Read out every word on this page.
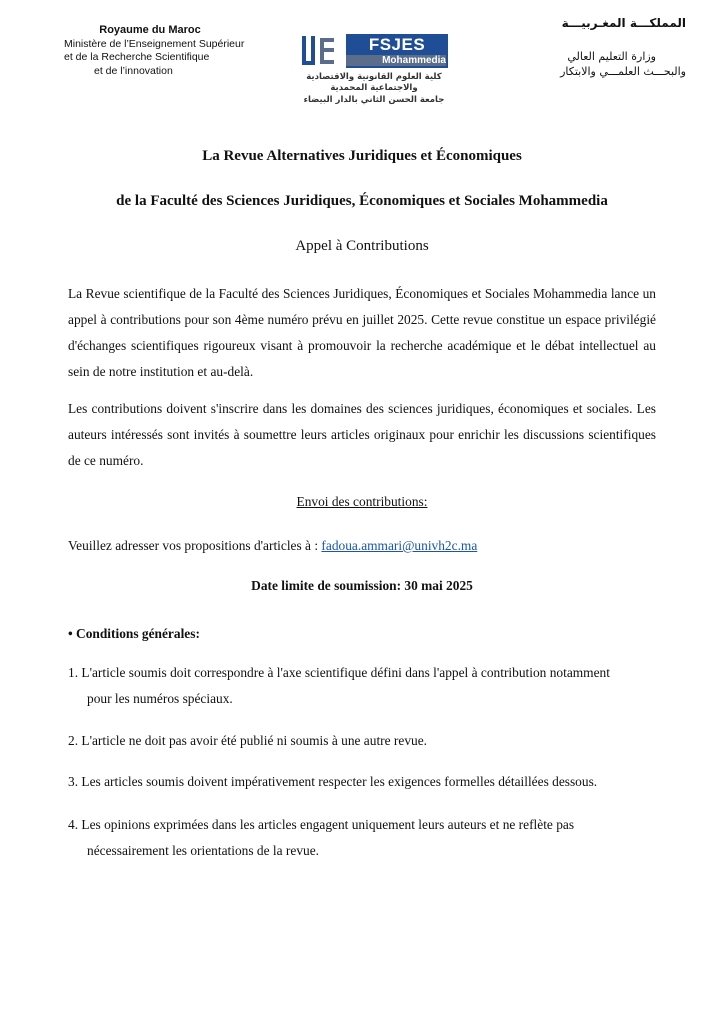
Royaume du Maroc
Ministère de l’Enseignement Supérieur
et de la Recherche Scientifique
et de l’innovation
FSJES
Mohammedia
كلية العلوم القانونية والاقتصادية
والاجتماعية المحمدية
جامعة الحسن الثاني بالدار البيضاء
المملكـــة المغـربيـــة
وزارة التعليم العالي
والبحـــث العلمـــي والابتكار
La Revue Alternatives Juridiques et Économiques
de la Faculté des Sciences Juridiques, Économiques et Sociales Mohammedia
Appel à Contributions
La Revue scientifique de la Faculté des Sciences Juridiques, Économiques et Sociales Mohammedia lance un appel à contributions pour son 4ème numéro prévu en juillet 2025. Cette revue constitue un espace privilégié d'échanges scientifiques rigoureux visant à promouvoir la recherche académique et le débat intellectuel au sein de notre institution et au-delà.
Les contributions doivent s'inscrire dans les domaines des sciences juridiques, économiques et sociales. Les auteurs intéressés sont invités à soumettre leurs articles originaux pour enrichir les discussions scientifiques de ce numéro.
Envoi des contributions:
Veuillez adresser vos propositions d'articles à : fadoua.ammari@univh2c.ma
Date limite de soumission: 30 mai 2025
• Conditions générales:
1. L'article soumis doit correspondre à l'axe scientifique défini dans l'appel à contribution notamment
pour les numéros spéciaux.
2. L'article ne doit pas avoir été publié ni soumis à une autre revue.
3. Les articles soumis doivent impérativement respecter les exigences formelles détaillées dessous.
4. Les opinions exprimées dans les articles engagent uniquement leurs auteurs et ne reflète pas
nécessairement les orientations de la revue.
